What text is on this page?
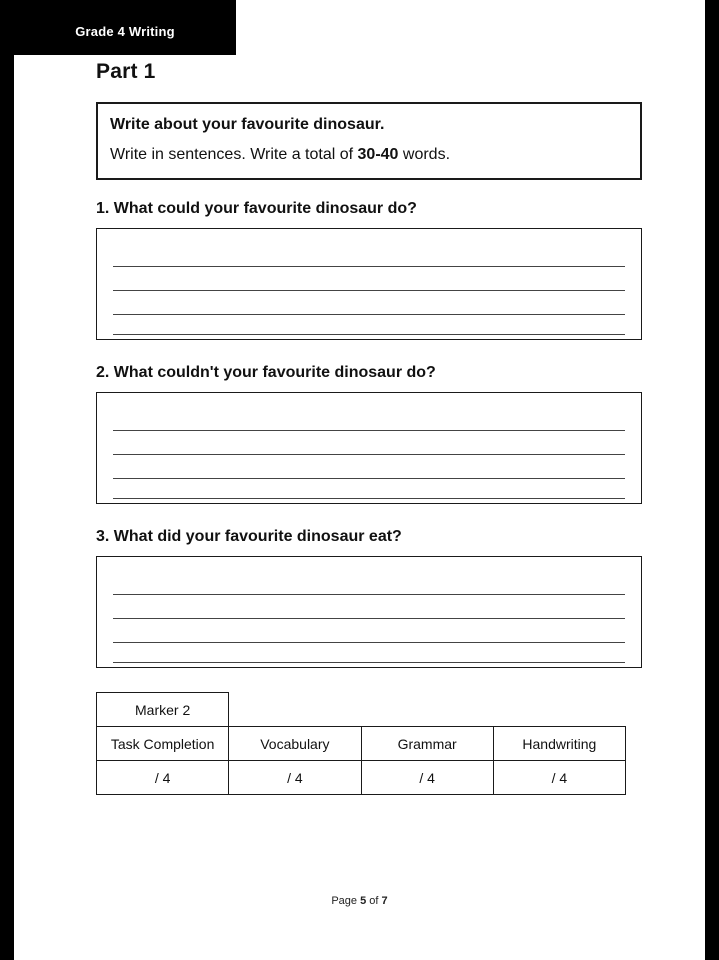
Grade 4 Writing
Part 1
Write about your favourite dinosaur.
Write in sentences. Write a total of 30-40 words.
1. What could your favourite dinosaur do?
2. What couldn't your favourite dinosaur do?
3. What did your favourite dinosaur eat?
Marker 2			
Task Completion	Vocabulary	Grammar	Handwriting
/ 4	/ 4	/ 4	/ 4
Page 5 of 7
